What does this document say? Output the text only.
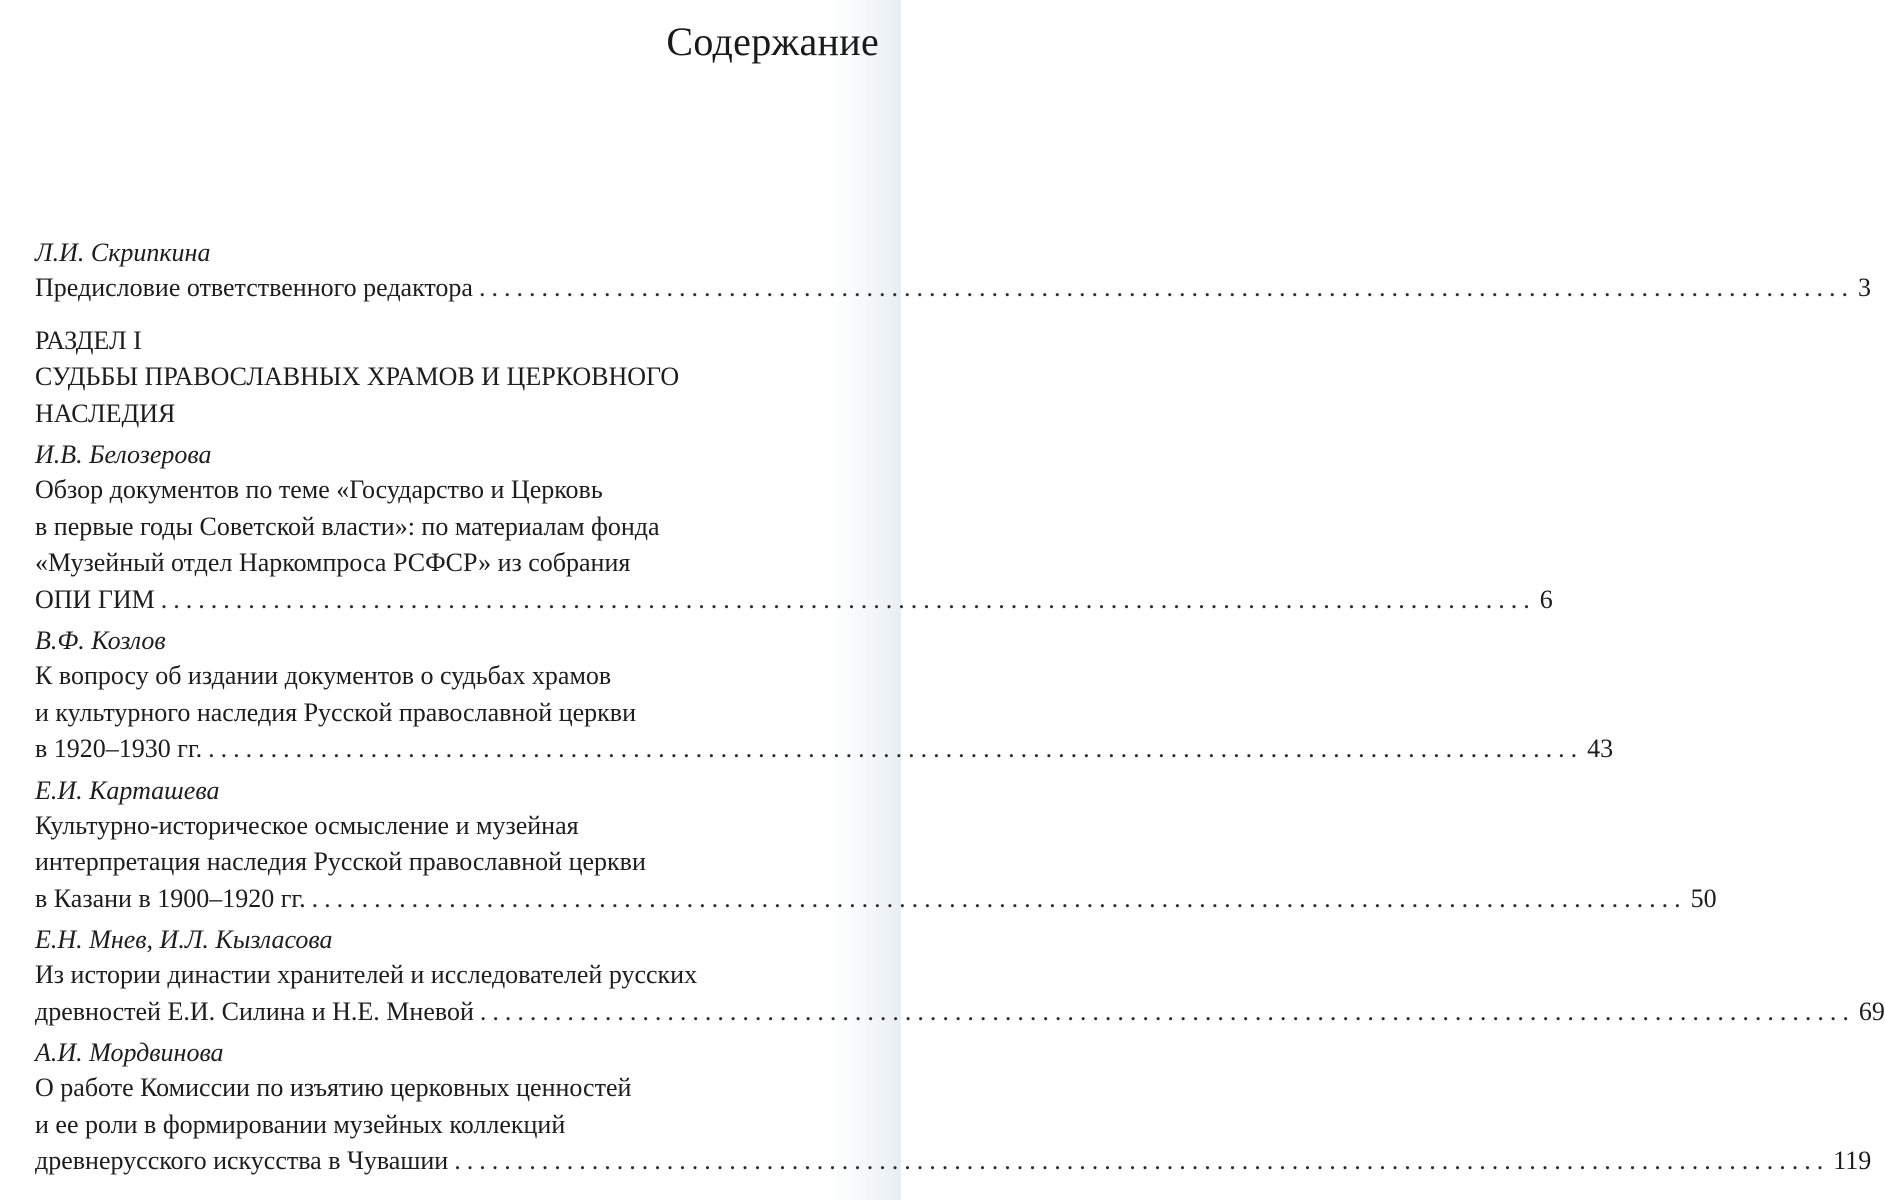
Содержание
Л.И. Скрипкина
Предисловие ответственного редактора .............................................................................................................. 3
РАЗДЕЛ I
СУДЬБЫ ПРАВОСЛАВНЫХ ХРАМОВ И ЦЕРКОВНОГО
НАСЛЕДИЯ
И.В. Белозерова
Обзор документов по теме «Государство и Церковь
в первые годы Советской власти»: по материалам фонда
«Музейный отдел Наркомпроса РСФСР» из собрания
ОПИ ГИМ .............................................................................................................. 6
В.Ф. Козлов
К вопросу об издании документов о судьбах храмов
и культурного наследия Русской православной церкви
в 1920–1930 гг. .............................................................................................................. 43
Е.И. Карташева
Культурно-историческое осмысление и музейная
интерпретация наследия Русской православной церкви
в Казани в 1900–1920 гг. .............................................................................................................. 50
Е.Н. Мнев, И.Л. Кызласова
Из истории династии хранителей и исследователей русских
древностей Е.И. Силина и Н.Е. Мневой .............................................................................................................. 69
А.И. Мордвинова
О работе Комиссии по изъятию церковных ценностей
и ее роли в формировании музейных коллекций
древнерусского искусства в Чувашии .............................................................................................................. 119
